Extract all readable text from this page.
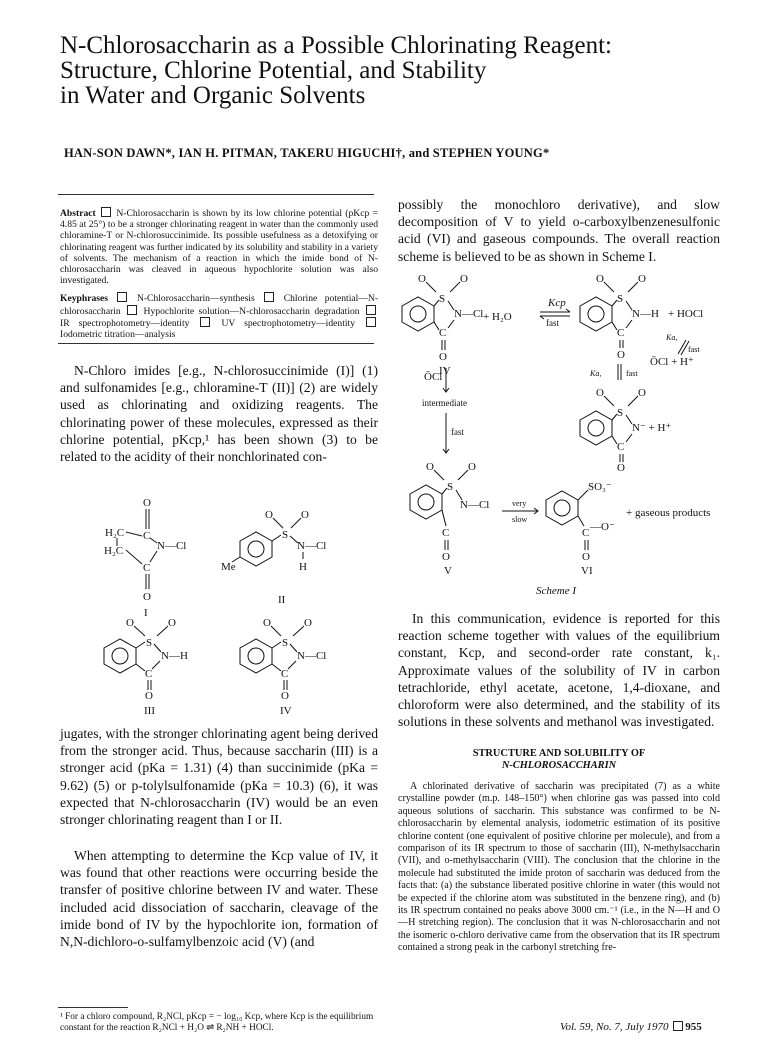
N-Chlorosaccharin as a Possible Chlorinating Reagent:
Structure, Chlorine Potential, and Stability
in Water and Organic Solvents
HAN-SON DAWN*, IAN H. PITMAN, TAKERU HIGUCHI†, and STEPHEN YOUNG*

Abstract N-Chlorosaccharin is shown by its low chlorine potential (pKcp = 4.85 at 25°) to be a stronger chlorinating reagent in water than the commonly used chloramine-T or N-chlorosuccinimide. Its possible usefulness as a detoxifying or chlorinating reagent was further indicated by its solubility and stability in a variety of solvents. The mechanism of a reaction in which the imide bond of N-chlorosaccharin was cleaved in aqueous hypochlorite solution was also investigated.

Keyphrases	N-Chlorosaccharin—synthesis	Chlorine potential—N-chlorosaccharin Hypochlorite solution—N-chlorosaccharin degradation  IR spectrophotometry—identity	UV spectrophotometry—identity  Iodometric titration—analysis

N-Chloro imides [e.g., N-chlorosuccinimide (I)] (1) and sulfonamides [e.g., chloramine-T (II)] (2) are widely used as chlorinating and oxidizing reagents. The chlorinating power of these molecules, expressed as their chlorine potential, pKcp,¹ has been shown (3) to be related to the acidity of their nonchlorinated con-
O
C
H₂C
H₂C	N—Cl
C
O
I
O	O
S
N—Cl
H
Me
II
O	O
S
N—H
C
O
III
O	O
S
N—Cl
C
O
IV
jugates, with the stronger chlorinating agent being derived from the stronger acid. Thus, because saccharin (III) is a stronger acid (pKa = 1.31) (4) than succinimide (pKa = 9.62) (5) or p-tolylsulfonamide (pKa = 10.3) (6), it was expected that N-chlorosaccharin (IV) would be an even stronger chlorinating reagent than I or II.
When attempting to determine the Kcp value of IV, it was found that other reactions were occurring beside the transfer of positive chlorine between IV and water. These included acid dissociation of saccharin, cleavage of the imide bond of IV by the hypochlorite ion, formation of N,N-dichloro-o-sulfamylbenzoic acid (V) (and
¹ For a chloro compound, R₂NCl, pKcp = − log₁₀ Kcp, where Kcp is the equilibrium constant for the reaction R₂NCl + H₂O ⇌ R₂NH + HOCl.
possibly the monochloro derivative), and slow decomposition of V to yield o-carboxylbenzenesulfonic acid (VI) and gaseous compounds. The overall reaction scheme is believed to be as shown in Scheme I.
O	O
S
N—Cl
C
O
IV
+ H₂O
Kcp
fast
O	O
S
N—H
C
O
+ HOCl
Ka,
fast
ŌCl + H⁺
Ka,	fast
O	O
S
N⁻ + H⁺
C
O
ŌCl
intermediate
fast
O	O
S
N—Cl
C
O
V
very
slow
SO₃⁻
C —O⁻
O
VI
+ gaseous products
Scheme I
In this communication, evidence is reported for this reaction scheme together with values of the equilibrium constant, Kcp, and second-order rate constant, k₁. Approximate values of the solubility of IV in carbon tetrachloride, ethyl acetate, acetone, 1,4-dioxane, and chloroform were also determined, and the stability of its solutions in these solvents and methanol was investigated.
STRUCTURE AND SOLUBILITY OF
N-CHLOROSACCHARIN
A chlorinated derivative of saccharin was precipitated (7) as a white crystalline powder (m.p. 148–150°) when chlorine gas was passed into cold aqueous solutions of saccharin. This substance was confirmed to be N-chlorosaccharin by elemental analysis, iodometric estimation of its positive chlorine content (one equivalent of positive chlorine per molecule), and from a comparison of its IR spectrum to those of saccharin (III), N-methylsaccharin (VII), and o-methylsaccharin (VIII). The conclusion that the chlorine in the molecule had substituted the imide proton of saccharin was deduced from the facts that: (a) the substance liberated positive chlorine in water (this would not be expected if the chlorine atom was substituted in the benzene ring), and (b) its IR spectrum contained no peaks above 3000 cm.⁻¹ (i.e., in the N—H and O—H stretching region). The conclusion that it was N-chlorosaccharin and not the isomeric o-chloro derivative came from the observation that its IR spectrum contained a strong peak in the carbonyl stretching fre-
Vol. 59, No. 7, July 1970 955
